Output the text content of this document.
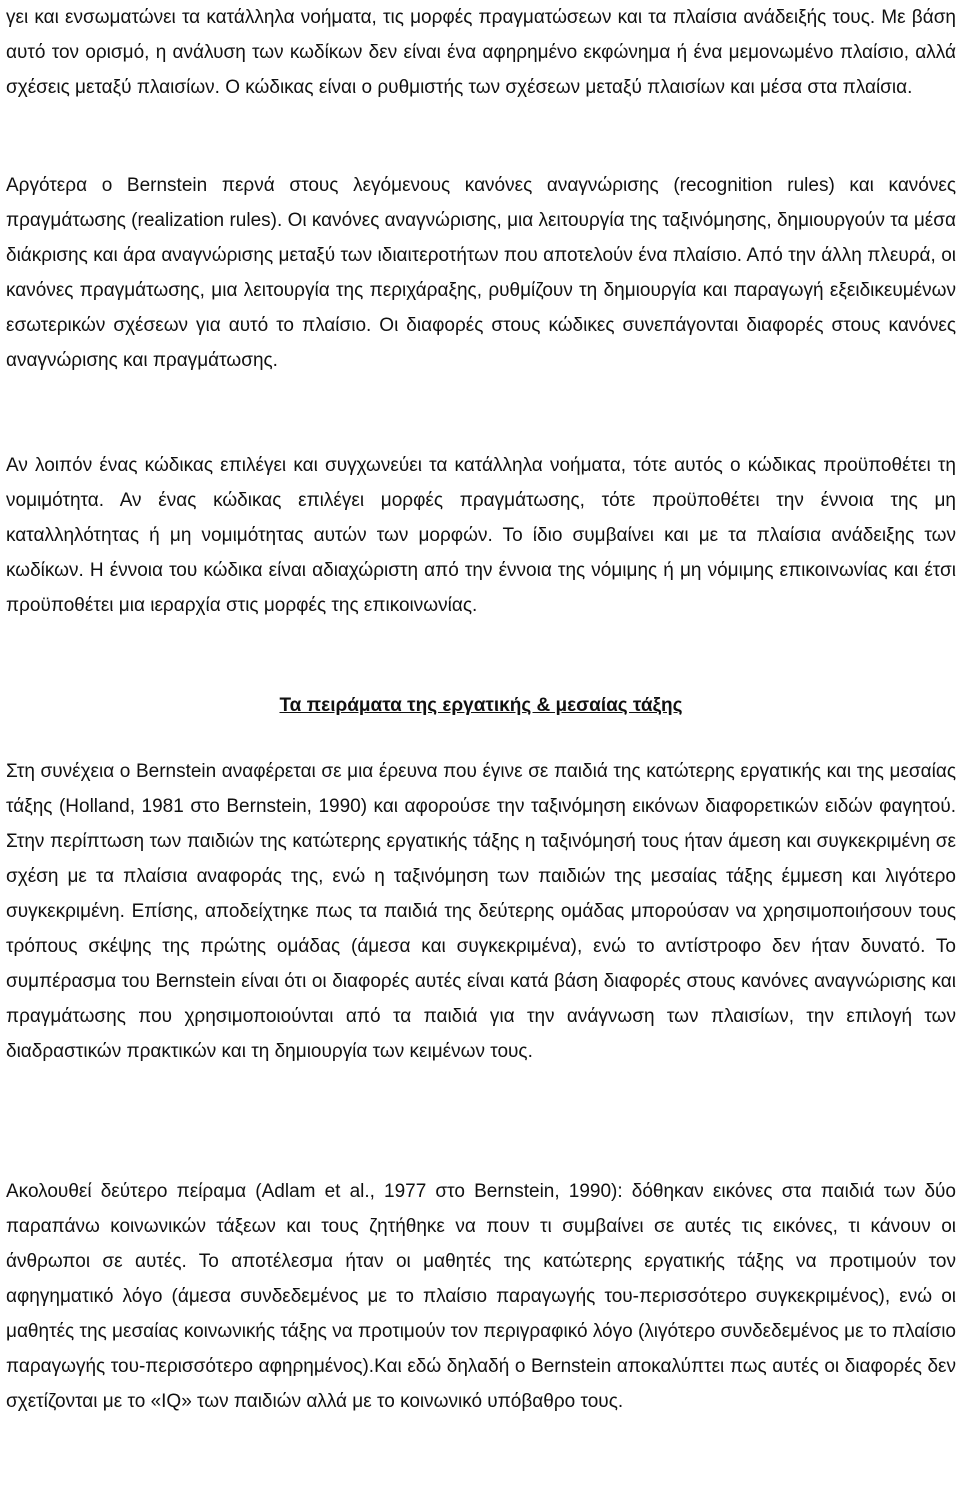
γει και ενσωματώνει τα κατάλληλα νοήματα, τις μορφές πραγματώσεων και τα πλαίσια ανάδειξής τους. Με βάση αυτό τον ορισμό, η ανάλυση των κωδίκων δεν είναι ένα αφηρημένο εκφώνημα ή ένα μεμονωμένο πλαίσιο, αλλά σχέσεις μεταξύ πλαισίων. Ο κώδικας είναι ο ρυθμιστής των σχέσεων μεταξύ πλαισίων και μέσα στα πλαίσια.

Αργότερα ο Bernstein περνά στους λεγόμενους κανόνες αναγνώρισης (recognition rules) και κανόνες πραγμάτωσης (realization rules). Οι κανόνες αναγνώρισης, μια λειτουργία της ταξινόμησης, δημιουργούν τα μέσα διάκρισης και άρα αναγνώρισης μεταξύ των ιδιαιτεροτήτων που αποτελούν ένα πλαίσιο. Από την άλλη πλευρά, οι κανόνες πραγμάτωσης, μια λειτουργία της περιχάραξης, ρυθμίζουν τη δημιουργία και παραγωγή εξειδικευμένων εσωτερικών σχέσεων για αυτό το πλαίσιο. Οι διαφορές στους κώδικες συνεπάγονται διαφορές στους κανόνες αναγνώρισης και πραγμάτωσης.

Αν λοιπόν ένας κώδικας επιλέγει και συγχωνεύει τα κατάλληλα νοήματα, τότε αυτός ο κώδικας προϋποθέτει τη νομιμότητα. Αν ένας κώδικας επιλέγει μορφές πραγμάτωσης, τότε προϋποθέτει την έννοια της μη καταλληλότητας ή μη νομιμότητας αυτών των μορφών. Το ίδιο συμβαίνει και με τα πλαίσια ανάδειξης των κωδίκων. Η έννοια του κώδικα είναι αδιαχώριστη από την έννοια της νόμιμης ή μη νόμιμης επικοινωνίας και έτσι προϋποθέτει μια ιεραρχία στις μορφές της επικοινωνίας.

Τα πειράματα της εργατικής & μεσαίας τάξης

Στη συνέχεια ο Bernstein αναφέρεται σε μια έρευνα που έγινε σε παιδιά της κατώτερης εργατικής και της μεσαίας τάξης (Holland, 1981 στο Bernstein, 1990) και αφορούσε την ταξινόμηση εικόνων διαφορετικών ειδών φαγητού. Στην περίπτωση των παιδιών της κατώτερης εργατικής τάξης η ταξινόμησή τους ήταν άμεση και συγκεκριμένη σε σχέση με τα πλαίσια αναφοράς της, ενώ η ταξινόμηση των παιδιών της μεσαίας τάξης έμμεση και λιγότερο συγκεκριμένη. Επίσης, αποδείχτηκε πως τα παιδιά της δεύτερης ομάδας μπορούσαν να χρησιμοποιήσουν τους τρόπους σκέψης της πρώτης ομάδας (άμεσα και συγκεκριμένα), ενώ το αντίστροφο δεν ήταν δυνατό. Το συμπέρασμα του Bernstein είναι ότι οι διαφορές αυτές είναι κατά βάση διαφορές στους κανόνες αναγνώρισης και πραγμάτωσης που χρησιμοποιούνται από τα παιδιά για την ανάγνωση των πλαισίων, την επιλογή των διαδραστικών πρακτικών και τη δημιουργία των κειμένων τους.

Ακολουθεί δεύτερο πείραμα (Adlam et al., 1977 στο Bernstein, 1990): δόθηκαν εικόνες στα παιδιά των δύο παραπάνω κοινωνικών τάξεων και τους ζητήθηκε να πουν τι συμβαίνει σε αυτές τις εικόνες, τι κάνουν οι άνθρωποι σε αυτές. Το αποτέλεσμα ήταν οι μαθητές της κατώτερης εργατικής τάξης να προτιμούν τον αφηγηματικό λόγο (άμεσα συνδεδεμένος με το πλαίσιο παραγωγής του-περισσότερο συγκεκριμένος), ενώ οι μαθητές της μεσαίας κοινωνικής τάξης να προτιμούν τον περιγραφικό λόγο (λιγότερο συνδεδεμένος με το πλαίσιο παραγωγής του-περισσότερο αφηρημένος).Και εδώ δηλαδή ο Bernstein αποκαλύπτει πως αυτές οι διαφορές δεν σχετίζονται με το «IQ» των παιδιών αλλά με το κοινωνικό υπόβαθρο τους.
